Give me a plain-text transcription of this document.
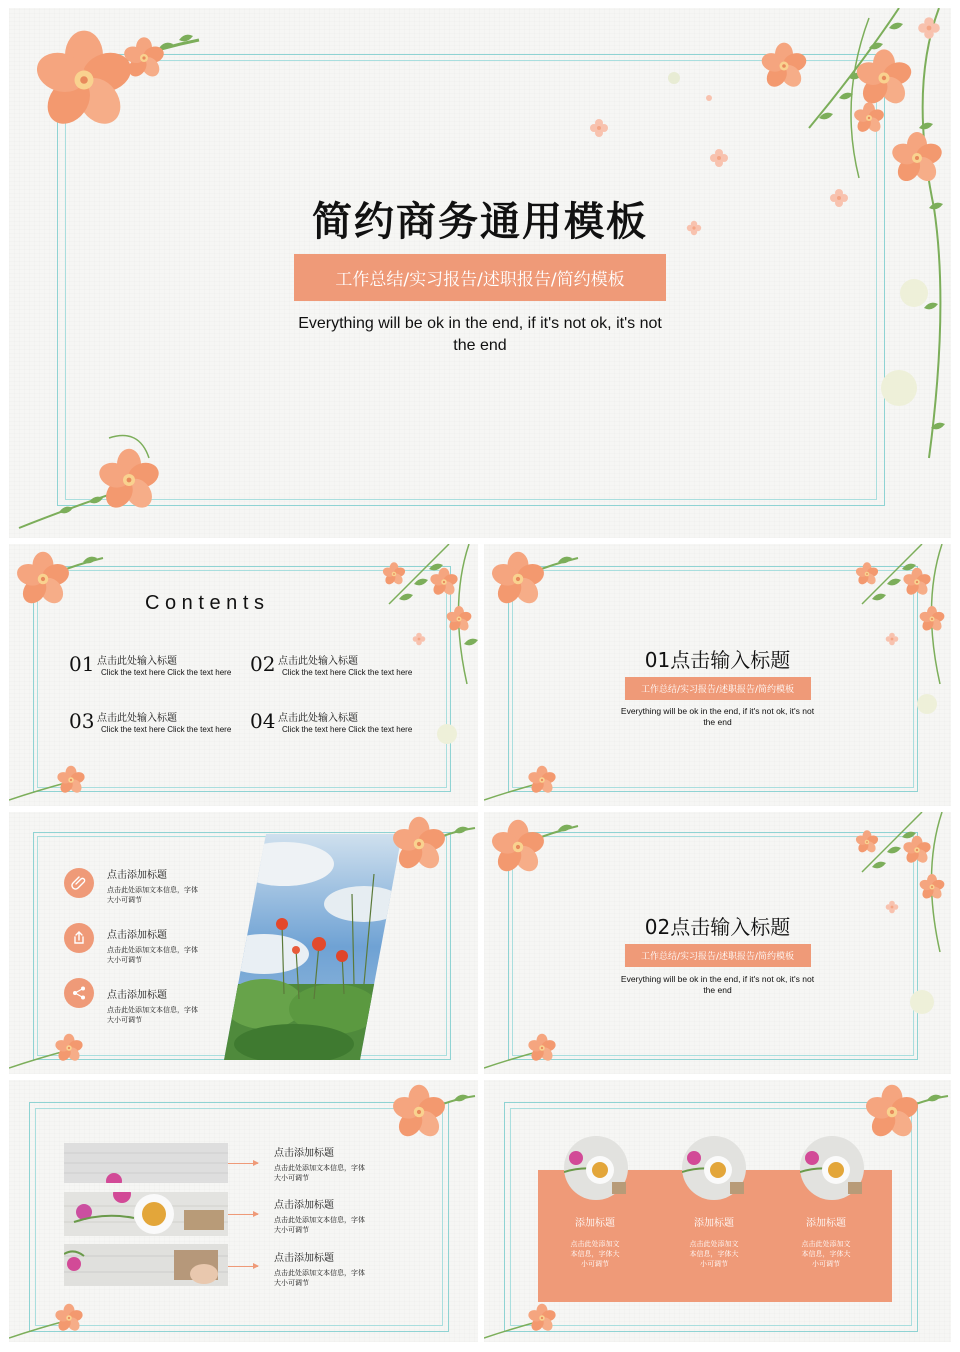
简约商务通用模板
工作总结/实习报告/述职报告/简约模板
Everything will be ok in the end, if it's not ok, it's not
the end
C o n t e n t s
01 点击此处输入标题
Click the text here Click the text here 02 点击此处输入标题
Click the text here Click the text here
03 点击此处输入标题
Click the text here Click the text here 04 点击此处输入标题
Click the text here Click the text here
01点击输入标题
工作总结/实习报告/述职报告/简约模板
Everything will be ok in the end, if it's not ok, it's not
the end
点击添加标题
点击此处添加文本信息，字体
大小可调节
点击添加标题
点击此处添加文本信息，字体
大小可调节
点击添加标题
点击此处添加文本信息，字体
大小可调节
02点击输入标题
工作总结/实习报告/述职报告/简约模板
Everything will be ok in the end, if it's not ok, it's not
the end
点击添加标题
点击此处添加文本信息，字体
大小可调节
点击添加标题
点击此处添加文本信息，字体
大小可调节
点击添加标题
点击此处添加文本信息，字体
大小可调节
添加标题
点击此处添加文
本信息，字体大
小可调节
添加标题
点击此处添加文
本信息，字体大
小可调节
添加标题
点击此处添加文
本信息，字体大
小可调节
